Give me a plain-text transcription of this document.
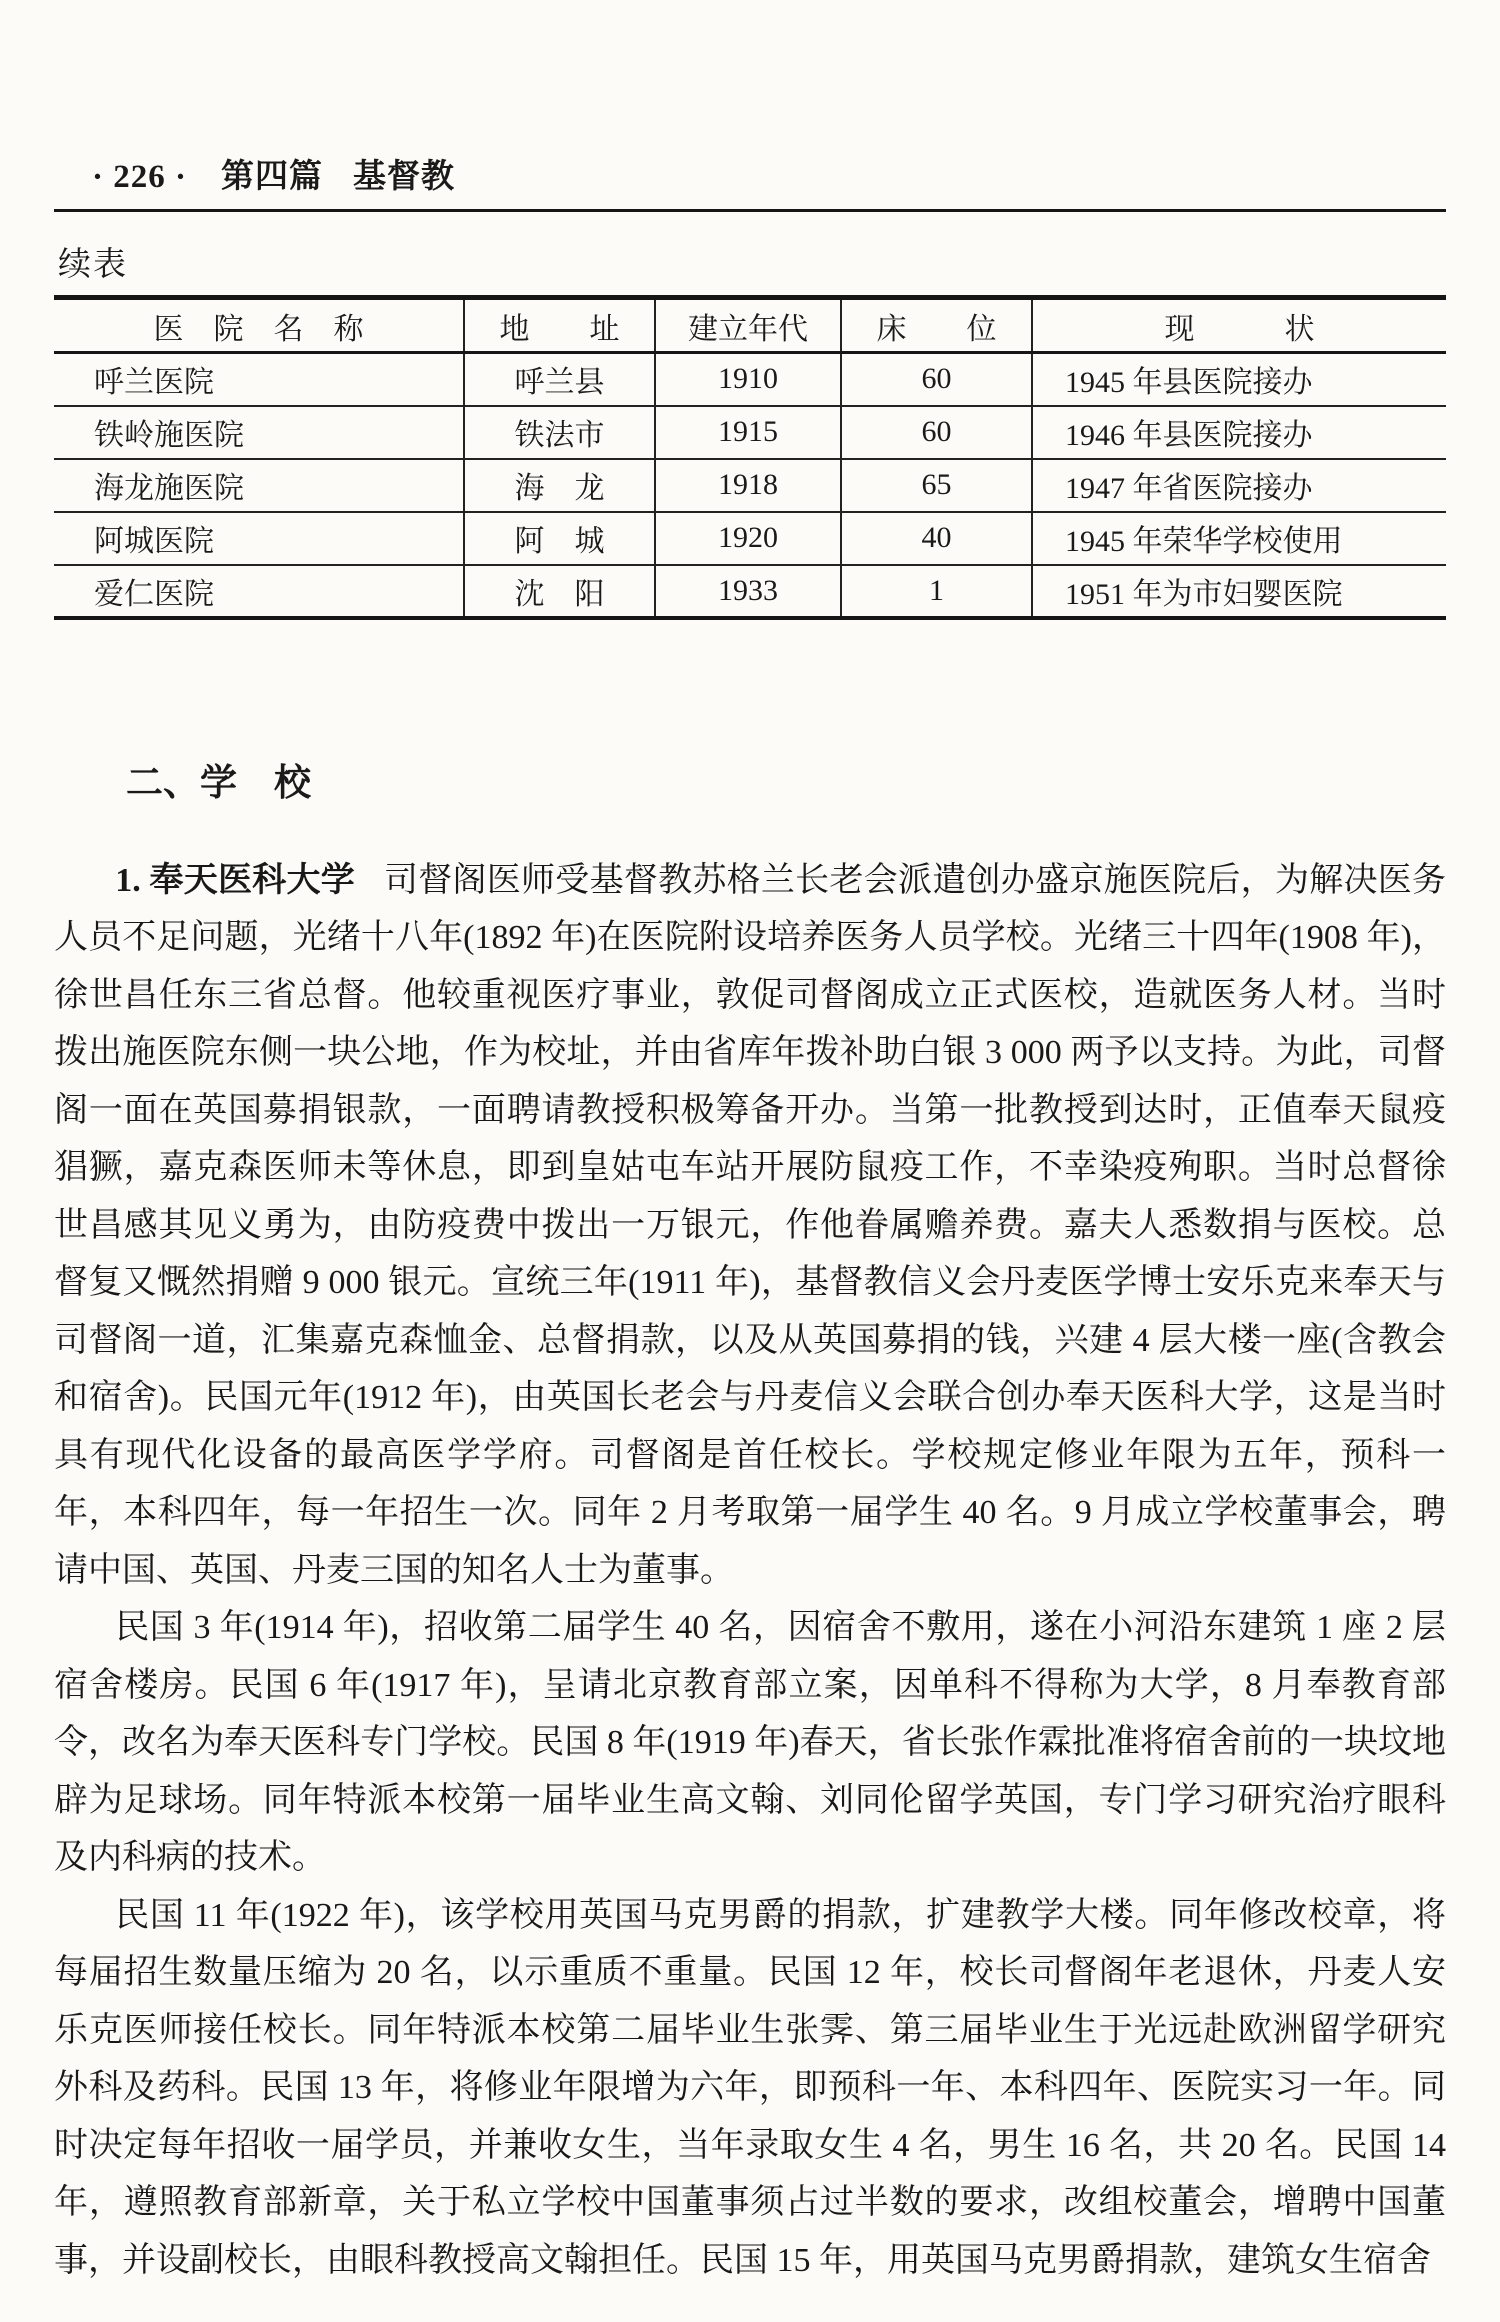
· 226 · 第四篇 基督教
续表
医　院　名　称	地　　址	建立年代	床　　位	现　　　状
呼兰医院	呼兰县	1910	60	1945 年县医院接办
铁岭施医院	铁法市	1915	60	1946 年县医院接办
海龙施医院	海　龙	1918	65	1947 年省医院接办
阿城医院	阿　城	1920	40	1945 年荣华学校使用
爱仁医院	沈　阳	1933	1	1951 年为市妇婴医院
二、学　校

1. 奉天医科大学 司督阁医师受基督教苏格兰长老会派遣创办盛京施医院后，为解决医务人员不足问题，光绪十八年(1892 年)在医院附设培养医务人员学校。光绪三十四年(1908 年)，徐世昌任东三省总督。他较重视医疗事业，敦促司督阁成立正式医校，造就医务人材。当时拨出施医院东侧一块公地，作为校址，并由省库年拨补助白银 3 000 两予以支持。为此，司督阁一面在英国募捐银款，一面聘请教授积极筹备开办。当第一批教授到达时，正值奉天鼠疫猖獗，嘉克森医师未等休息，即到皇姑屯车站开展防鼠疫工作，不幸染疫殉职。当时总督徐世昌感其见义勇为，由防疫费中拨出一万银元，作他眷属赡养费。嘉夫人悉数捐与医校。总督复又慨然捐赠 9 000 银元。宣统三年(1911 年)，基督教信义会丹麦医学博士安乐克来奉天与司督阁一道，汇集嘉克森恤金、总督捐款，以及从英国募捐的钱，兴建 4 层大楼一座(含教会和宿舍)。民国元年(1912 年)，由英国长老会与丹麦信义会联合创办奉天医科大学，这是当时具有现代化设备的最高医学学府。司督阁是首任校长。学校规定修业年限为五年，预科一年，本科四年，每一年招生一次。同年 2 月考取第一届学生 40 名。9 月成立学校董事会，聘请中国、英国、丹麦三国的知名人士为董事。

民国 3 年(1914 年)，招收第二届学生 40 名，因宿舍不敷用，遂在小河沿东建筑 1 座 2 层宿舍楼房。民国 6 年(1917 年)，呈请北京教育部立案，因单科不得称为大学，8 月奉教育部令，改名为奉天医科专门学校。民国 8 年(1919 年)春天，省长张作霖批准将宿舍前的一块坟地辟为足球场。同年特派本校第一届毕业生高文翰、刘同伦留学英国，专门学习研究治疗眼科及内科病的技术。

民国 11 年(1922 年)，该学校用英国马克男爵的捐款，扩建教学大楼。同年修改校章，将每届招生数量压缩为 20 名，以示重质不重量。民国 12 年，校长司督阁年老退休，丹麦人安乐克医师接任校长。同年特派本校第二届毕业生张霁、第三届毕业生于光远赴欧洲留学研究外科及药科。民国 13 年，将修业年限增为六年，即预科一年、本科四年、医院实习一年。同时决定每年招收一届学员，并兼收女生，当年录取女生 4 名，男生 16 名，共 20 名。民国 14 年，遵照教育部新章，关于私立学校中国董事须占过半数的要求，改组校董会，增聘中国董事，并设副校长，由眼科教授高文翰担任。民国 15 年，用英国马克男爵捐款，建筑女生宿舍
